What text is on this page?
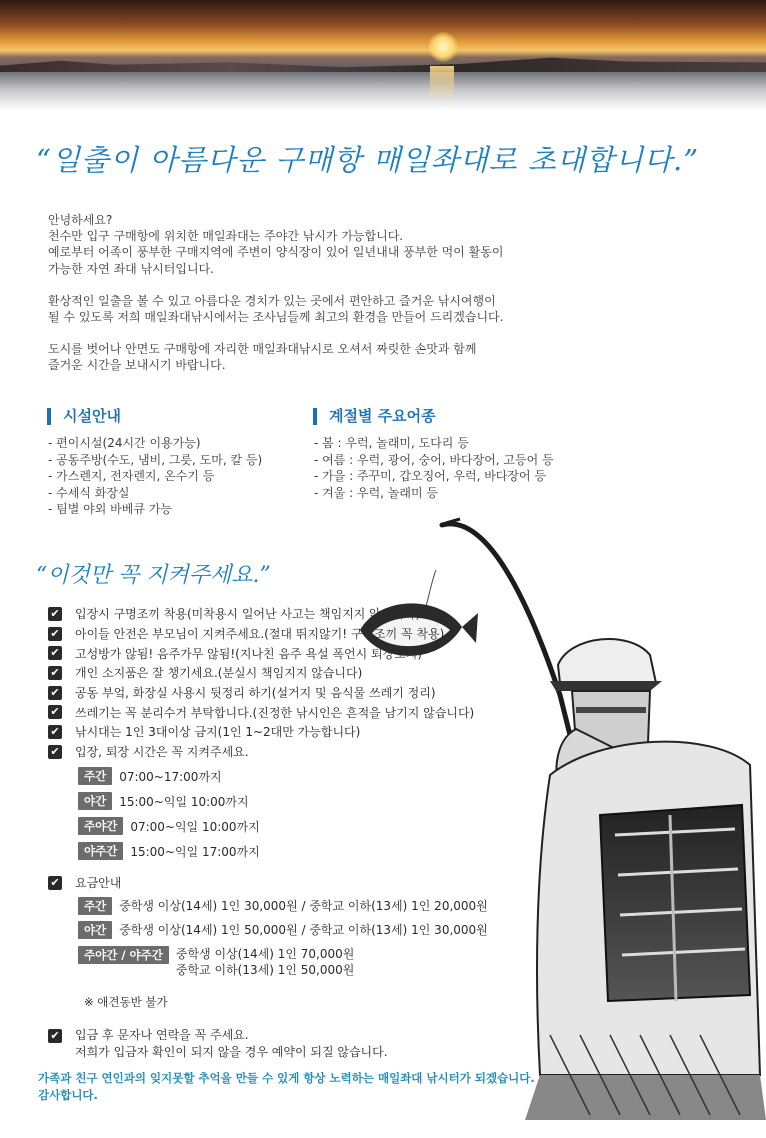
“일출이 아름다운 구매항 매일좌대로 초대합니다.”

안녕하세요?
천수만 입구 구매항에 위치한 매일좌대는 주야간 낚시가 가능합니다.
예로부터 어족이 풍부한 구매지역에 주변이 양식장이 있어 일년내내 풍부한 먹이 활동이
가능한 자연 좌대 낚시터입니다.

환상적인 일출을 볼 수 있고 아름다운 경치가 있는 곳에서 편안하고 즐거운 낚시여행이
될 수 있도록 저희 매일좌대낚시에서는 조사님들께 최고의 환경을 만들어 드리겠습니다.

도시를 벗어나 안면도 구매항에 자리한 매일좌대낚시로 오셔서 짜릿한 손맛과 함께
즐거운 시간을 보내시기 바랍니다.

시설안내
- 편이시설(24시간 이용가능)
- 공동주방(수도, 냄비, 그릇, 도마, 칼 등)
- 가스렌지, 전자렌지, 온수기 등
- 수세식 화장실
- 팀별 야외 바베큐 가능
계절별 주요어종
- 봄 : 우럭, 놀래미, 도다리 등
- 여름 : 우럭, 광어, 숭어, 바다장어, 고등어 등
- 가을 : 주꾸미, 갑오징어, 우럭, 바다장어 등
- 겨울 : 우럭, 놀래미 등
“이것만 꼭 지켜주세요.”
✔ 입장시 구명조끼 착용(미착용시 일어난 사고는 책임지지 않습니다)
✔ 아이들 안전은 부모님이 지켜주세요.(절대 뛰지않기! 구명조끼 꼭 착용)
✔ 고성방가 않됨! 음주가무 않됨!(지나친 음주 욕설 폭언시 퇴장조치)
✔ 개인 소지품은 잘 챙기세요.(분실시 책임지지 않습니다)
✔ 공동 부엌, 화장실 사용시 뒷정리 하기(설거지 및 음식물 쓰레기 정리)
✔ 쓰레기는 꼭 분리수거 부탁합니다.(진정한 낚시인은 흔적을 남기지 않습니다)
✔ 낚시대는 1인 3대이상 금지(1인 1~2대만 가능합니다)
✔ 입장, 퇴장 시간은 꼭 지켜주세요.
주간	07:00~17:00까지
야간	15:00~익일 10:00까지
주야간	07:00~익일 10:00까지
야주간	15:00~익일 17:00까지
✔ 요금안내
주간	중학생 이상(14세) 1인 30,000원 / 중학교 이하(13세) 1인 20,000원
야간	중학생 이상(14세) 1인 50,000원 / 중학교 이하(13세) 1인 30,000원
주야간 / 야주간	중학생 이상(14세) 1인 70,000원
중학교 이하(13세) 1인 50,000원
※ 애견동반 불가
✔ 입금 후 문자나 연락을 꼭 주세요.
저희가 입금자 확인이 되지 않을 경우 예약이 되질 않습니다.
가족과 친구 연인과의 잊지못할 추억을 만들 수 있게 항상 노력하는 매일좌대 낚시터가 되겠습니다.
감사합니다.
